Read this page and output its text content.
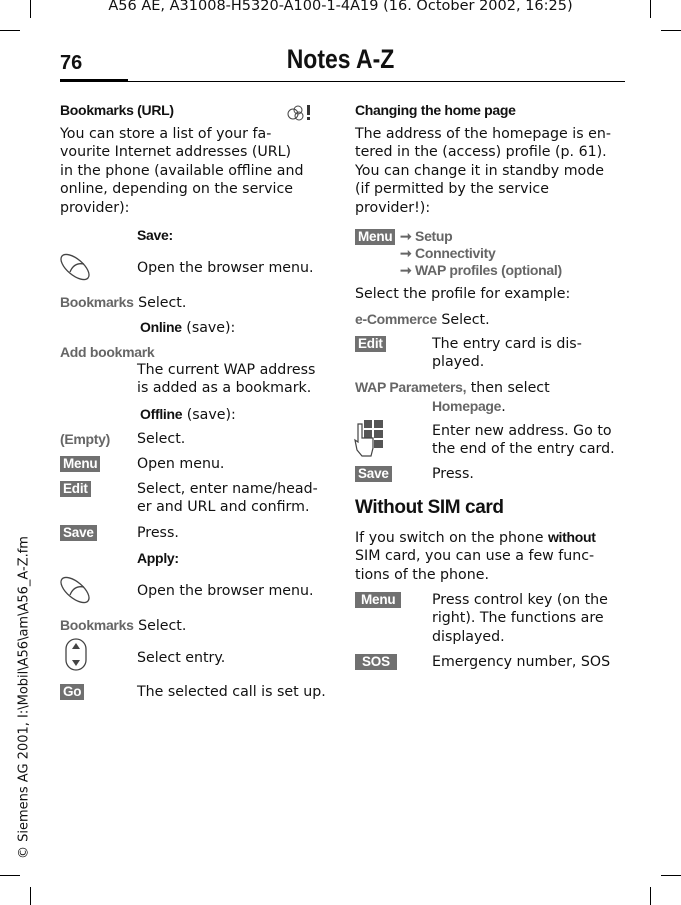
A56 AE, A31008-H5320-A100-1-4A19 (16. October 2002, 16:25)
76	Notes A-Z
© Siemens AG 2001, I:\Mobil\A56\am\A56_A-Z.fm
Bookmarks (URL)
You can store a list of your fa-
vourite Internet addresses (URL)
in the phone (available offline and
online, depending on the service
provider):
Save:
Open the browser menu.
Bookmarks Select.
Online (save):
Add bookmark
The current WAP address
is added as a bookmark.
Offline (save):
(Empty) Select.
Menu	Open menu.
Edit	Select, enter name/head-
er and URL and confirm.
Save	Press.
Apply:
Open the browser menu.
Bookmarks Select.
Select entry.
Go	The selected call is set up.
Changing the home page
The address of the homepage is en-
tered in the (access) profile (p. 61).
You can change it in standby mode
(if permitted by the service
provider!):
Menu ➞ Setup
➞ Connectivity
➞ WAP profiles (optional)
Select the profile for example:
e-Commerce Select.
Edit	The entry card is dis-
played.
WAP Parameters, then select
Homepage.
Enter new address. Go to
the end of the entry card.
Save	Press.
Without SIM card
If you switch on the phone without
SIM card, you can use a few func-
tions of the phone.
Menu	Press control key (on the
right). The functions are
displayed.
SOS	Emergency number, SOS
